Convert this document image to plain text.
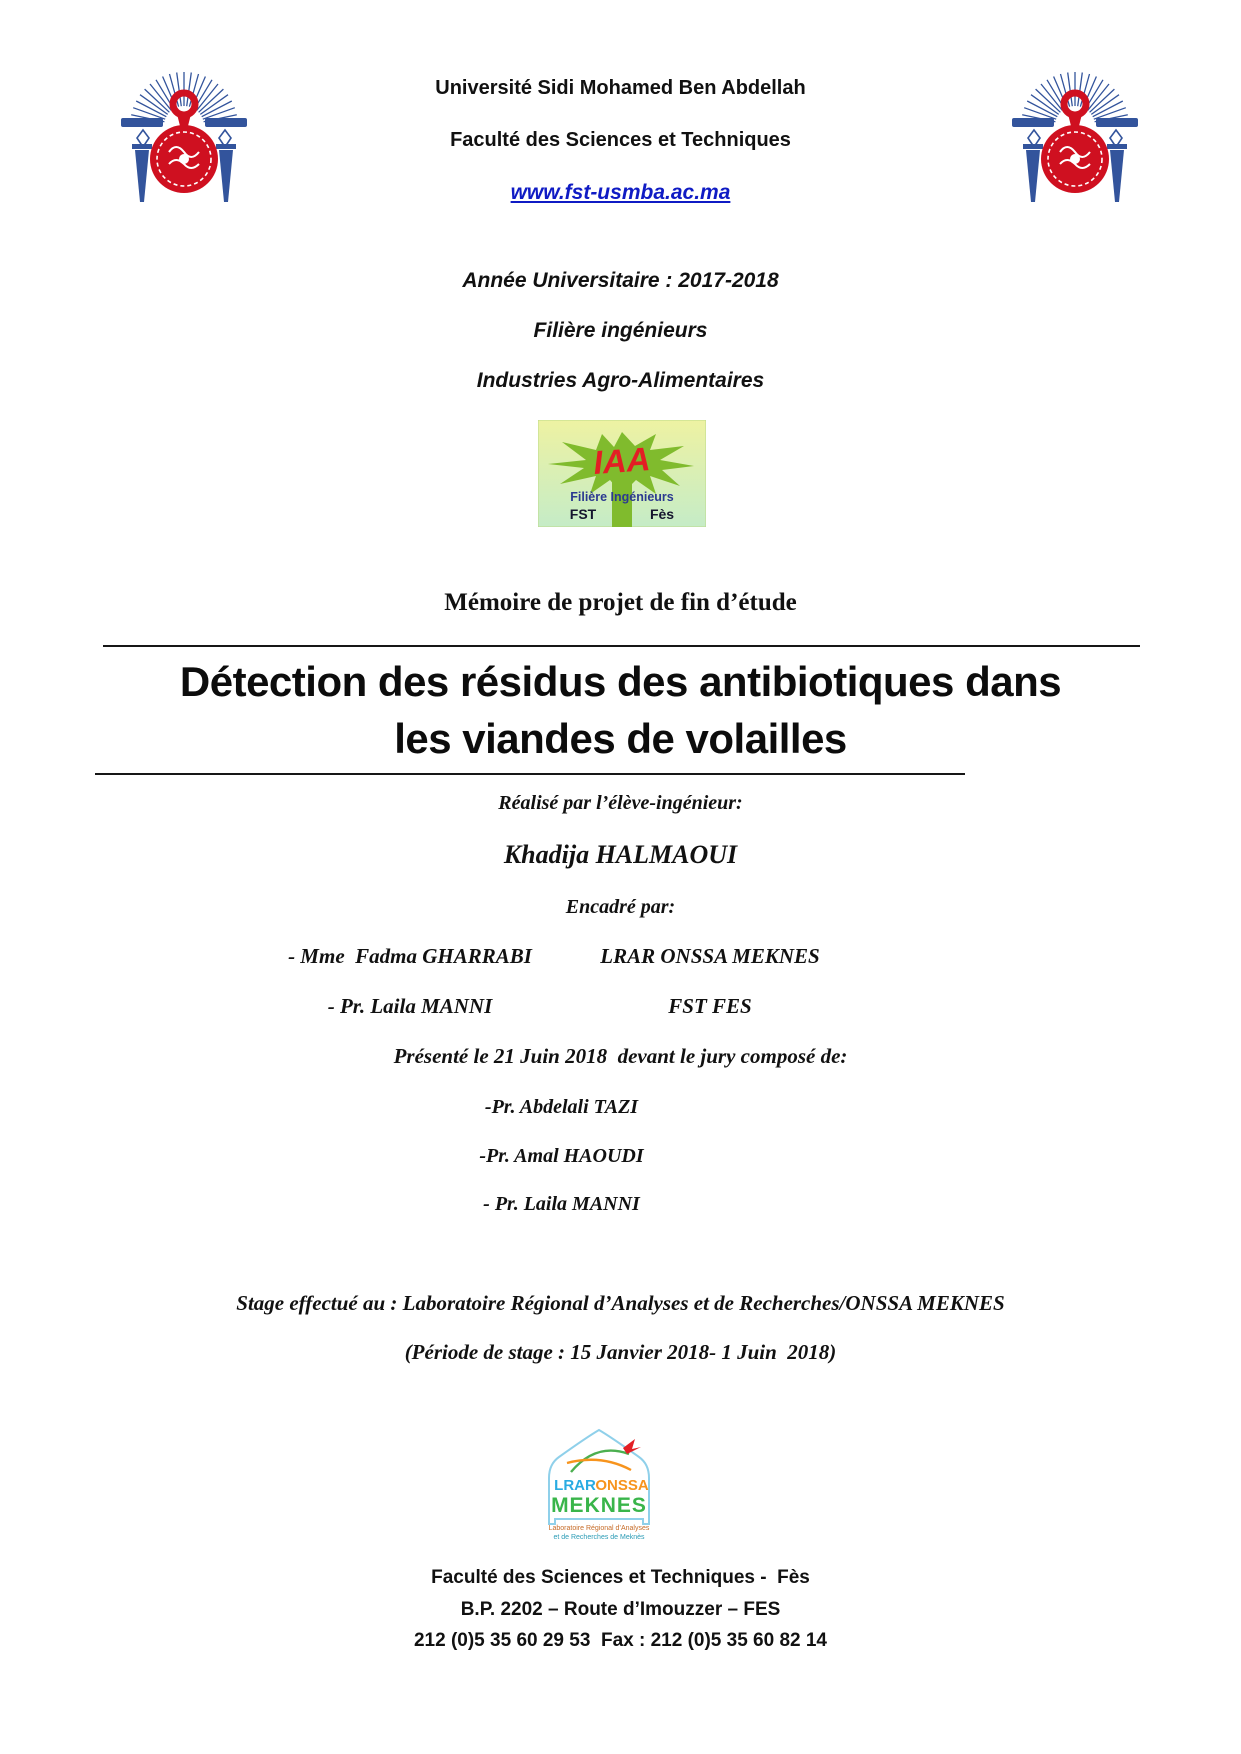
Université Sidi Mohamed Ben Abdellah
Faculté des Sciences et Techniques
www.fst-usmba.ac.ma
Année Universitaire : 2017-2018
Filière ingénieurs
Industries Agro-Alimentaires
IAA
Filière Ingénieurs
FST	Fès
Mémoire de projet de fin d’étude
Détection des résidus des antibiotiques dans
les viandes de volailles
Réalisé par l’élève-ingénieur:
Khadija HALMAOUI
Encadré par:
- Mme  Fadma GHARRABI	LRAR ONSSA MEKNES
- Pr. Laila MANNI	FST FES
Présenté le 21 Juin 2018  devant le jury composé de:
-Pr. Abdelali TAZI
-Pr. Amal HAOUDI
- Pr. Laila MANNI
Stage effectué au : Laboratoire Régional d’Analyses et de Recherches/ONSSA MEKNES
(Période de stage : 15 Janvier 2018- 1 Juin  2018)
LRAR ONSSA
MEKNES
Laboratoire Régional d’Analyses
et de Recherches de Meknès
Faculté des Sciences et Techniques -  Fès
B.P. 2202 – Route d’Imouzzer – FES
212 (0)5 35 60 29 53  Fax : 212 (0)5 35 60 82 14
